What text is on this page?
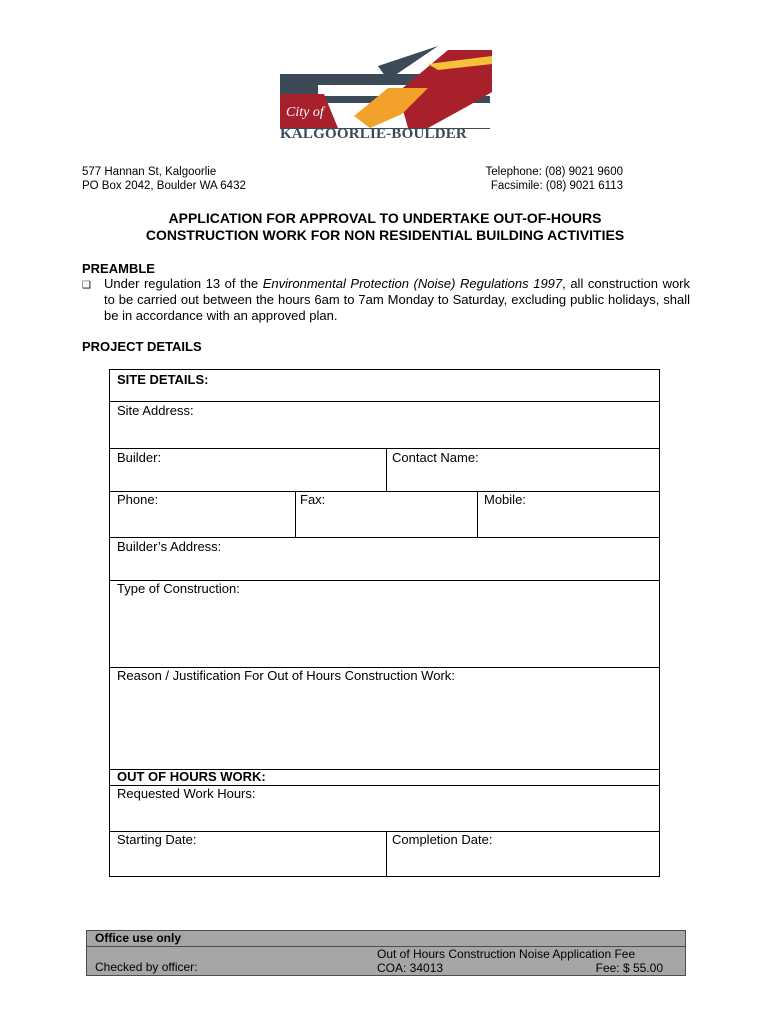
City of
KALGOORLIE-BOULDER
577 Hannan St, Kalgoorlie
PO Box 2042, Boulder WA 6432
Telephone: (08) 9021 9600
Facsimile: (08) 9021 6113
APPLICATION FOR APPROVAL TO UNDERTAKE OUT-OF-HOURS
CONSTRUCTION WORK FOR NON RESIDENTIAL BUILDING ACTIVITIES
PREAMBLE
❑ Under regulation 13 of the Environmental Protection (Noise) Regulations 1997, all construction work to be carried out between the hours 6am to 7am Monday to Saturday, excluding public holidays, shall be in accordance with an approved plan.
PROJECT DETAILS
SITE DETAILS:
Site Address:
Builder:	Contact Name:
Phone:	Fax:	Mobile:
Builder’s Address:
Type of Construction:
Reason / Justification For Out of Hours Construction Work:
OUT OF HOURS WORK:
Requested Work Hours:
Starting Date:	Completion Date:
Office use only
Checked by officer:
Out of Hours Construction Noise Application Fee
COA: 34013	Fee: $ 55.00
